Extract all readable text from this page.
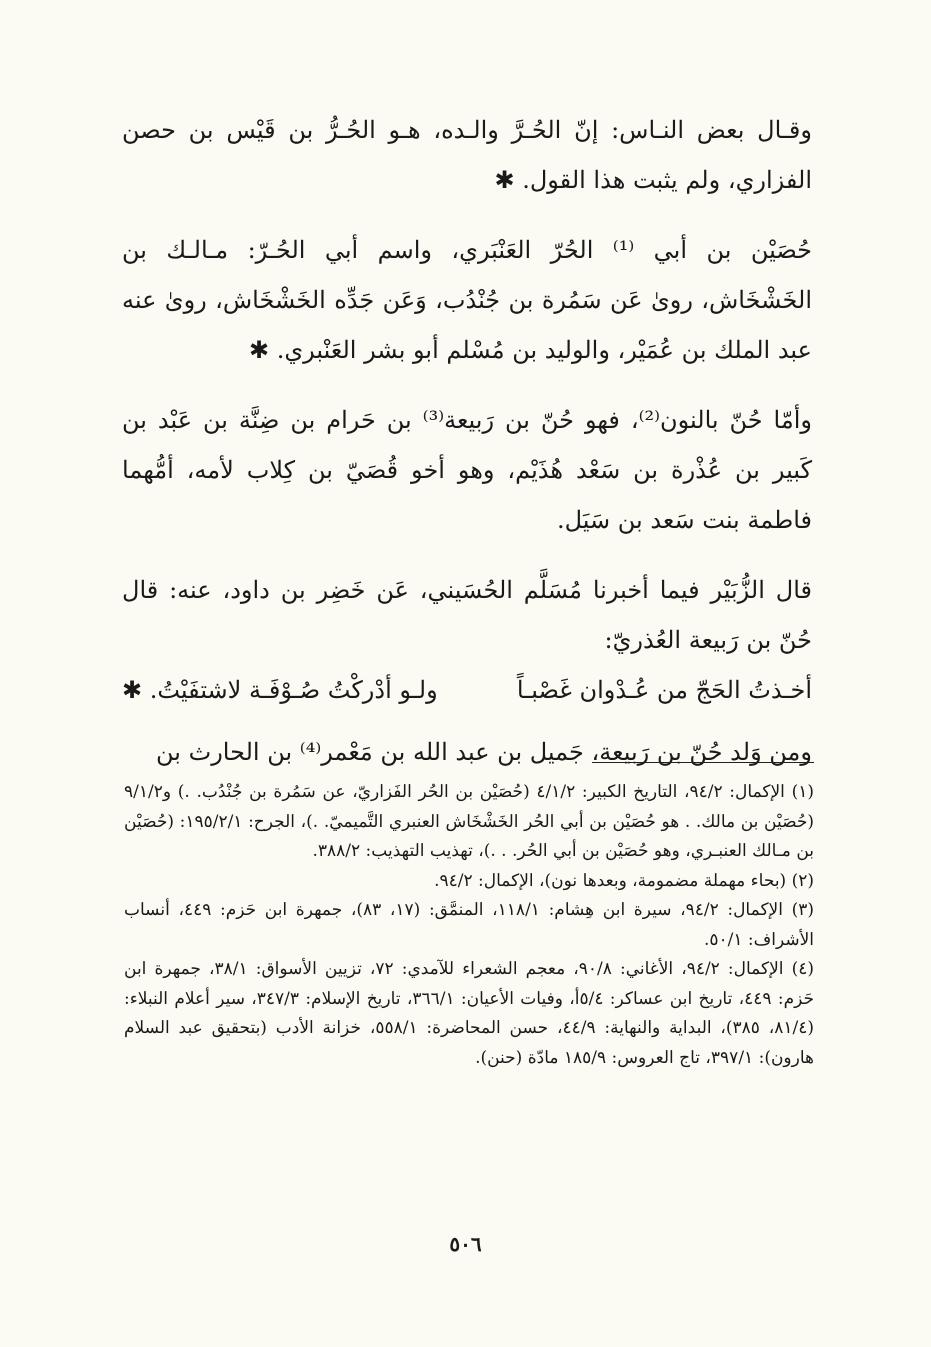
وقـال بعض النـاس: إنّ الحُـرَّ والـده، هـو الحُـرُّ بن قَيْس بن حصن الفزاري، ولم يثبت هذا القول. ✱

حُصَيْن بن أبي ⁽¹⁾ الحُرّ العَنْبَري، واسم أبي الحُـرّ: مـالـك بن الخَشْخَاش، روىٰ عَن سَمُرة بن جُنْدُب، وَعَن جَدِّه الخَشْخَاش، روىٰ عنه عبد الملك بن عُمَيْر، والوليد بن مُسْلم أبو بشر العَنْبري. ✱

وأمّا حُنّ بالنون⁽²⁾، فهو حُنّ بن رَبيعة⁽³⁾ بن حَرام بن ضِنَّة بن عَبْد بن كَبير بن عُذْرة بن سَعْد هُذَيْم، وهو أخو قُصَيّ بن كِلاب لأمه، أمُّهما فاطمة بنت سَعد بن سَيَل.

قال الزُّبَيْر فيما أخبرنا مُسَلَّم الحُسَيني، عَن خَضِر بن داود، عنه: قال حُنّ بن رَبيعة العُذريّ:

أخـذتُ الحَجّ من عُـدْوان غَصْبـاً
ولـو أدْركْتُ صُـوْفَـة لاشتفَيْتُ. ✱

ومن وَلد حُنّ بن رَبيعة، جَميل بن عبد الله بن مَعْمر⁽⁴⁾ بن الحارث بن

(١) الإكمال: ٩٤/٢، التاريخ الكبير: ٤/١/٢ (حُصَيْن بن الحُر الفَزاريّ، عن سَمُرة بن جُنْدُب. .) و٩/١/٢ (حُصَيْن بن مالك. . هو حُصَيْن بن أبي الحُر الخَشْخَاش العنبري التَّميميّ. .)، الجرح: ١٩٥/٢/١: (حُصَيْن بن مـالك العنبـري، وهو حُصَيْن بن أبي الحُر. . .)، تهذيب التهذيب: ٣٨٨/٢.

(٢) (بحاء مهملة مضمومة، وبعدها نون)، الإكمال: ٩٤/٢.

(٣) الإكمال: ٩٤/٢، سيرة ابن هِشام: ١١٨/١، المنمَّق: (١٧، ٨٣)، جمهرة ابن حَزم: ٤٤٩، أنساب الأشراف: ٥٠/١.

(٤) الإكمال: ٩٤/٢، الأغاني: ٩٠/٨، معجم الشعراء للآمدي: ٧٢، تزيين الأسواق: ٣٨/١، جمهرة ابن حَزم: ٤٤٩، تاريخ ابن عساكر: ٥/٤أ، وفيات الأعيان: ٣٦٦/١، تاريخ الإسلام: ٣٤٧/٣، سير أعلام النبلاء: (٨١/٤، ٣٨٥)، البداية والنهاية: ٤٤/٩، حسن المحاضرة: ٥٥٨/١، خزانة الأدب (بتحقيق عبد السلام هارون): ٣٩٧/١، تاج العروس: ١٨٥/٩ مادّة (حنن).

٥٠٦
